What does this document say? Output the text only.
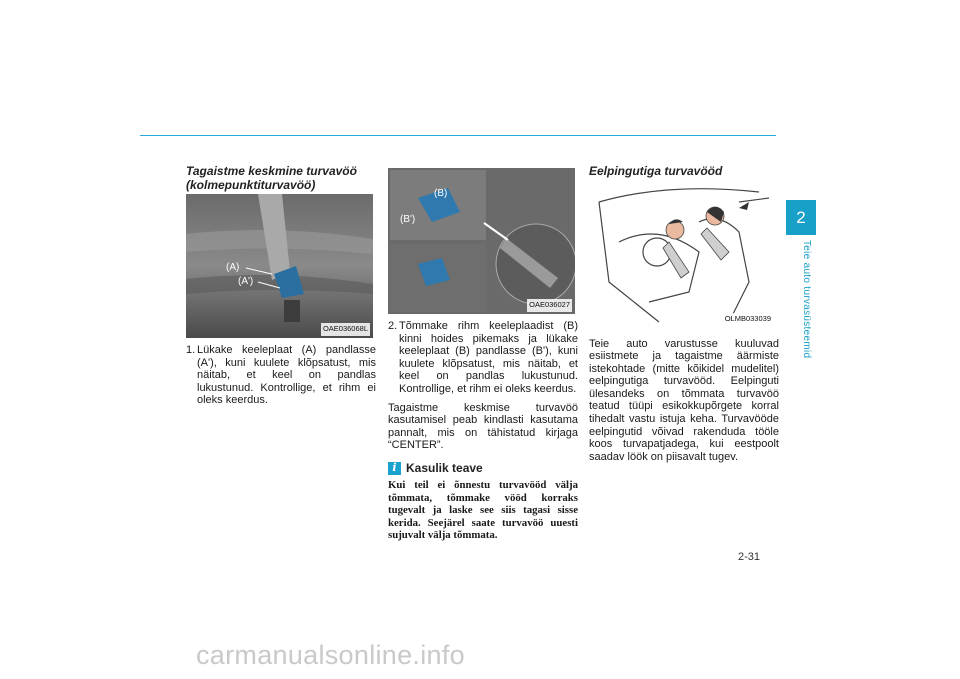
2
Teie auto turvasüsteemid
Tagaistme keskmine turvavöö (kolmepunktiturvavöö)
(A)
(A')
OAE036068L
1. Lükake keeleplaat (A) pandlasse (A'), kuni kuulete klõpsatust, mis näitab, et keel on pandlas lukustunud. Kontrollige, et rihm ei oleks keerdus.
(B)
(B')
OAE036027
2. Tõmmake rihm keeleplaadist (B) kinni hoides pikemaks ja lükake keeleplaat (B) pandlasse (B'), kuni kuulete klõpsatust, mis näitab, et keel on pandlas lukustunud. Kontrollige, et rihm ei oleks keerdus.

Tagaistme keskmise turvavöö kasutamisel peab kindlasti kasutama pannalt, mis on tähistatud kirjaga “CENTER”.

i Kasulik teave
Kui teil ei õnnestu turvavööd välja tõmmata, tõmmake vööd korraks tugevalt ja laske see siis tagasi sisse kerida. Seejärel saate turvavöö uuesti sujuvalt välja tõmmata.
Eelpingutiga turvavööd
OLMB033039

Teie auto varustusse kuuluvad esiistmete ja tagaistme äärmiste istekohtade (mitte kõikidel mudelitel) eelpingutiga turvavööd. Eelpinguti ülesandeks on tõmmata turvavöö teatud tüüpi esikokkupõrgete korral tihedalt vastu istuja keha. Turvavööde eelpingutid võivad rakenduda tööle koos turvapatjadega, kui eestpoolt saadav löök on piisavalt tugev.

2-31
carmanualsonline.info
